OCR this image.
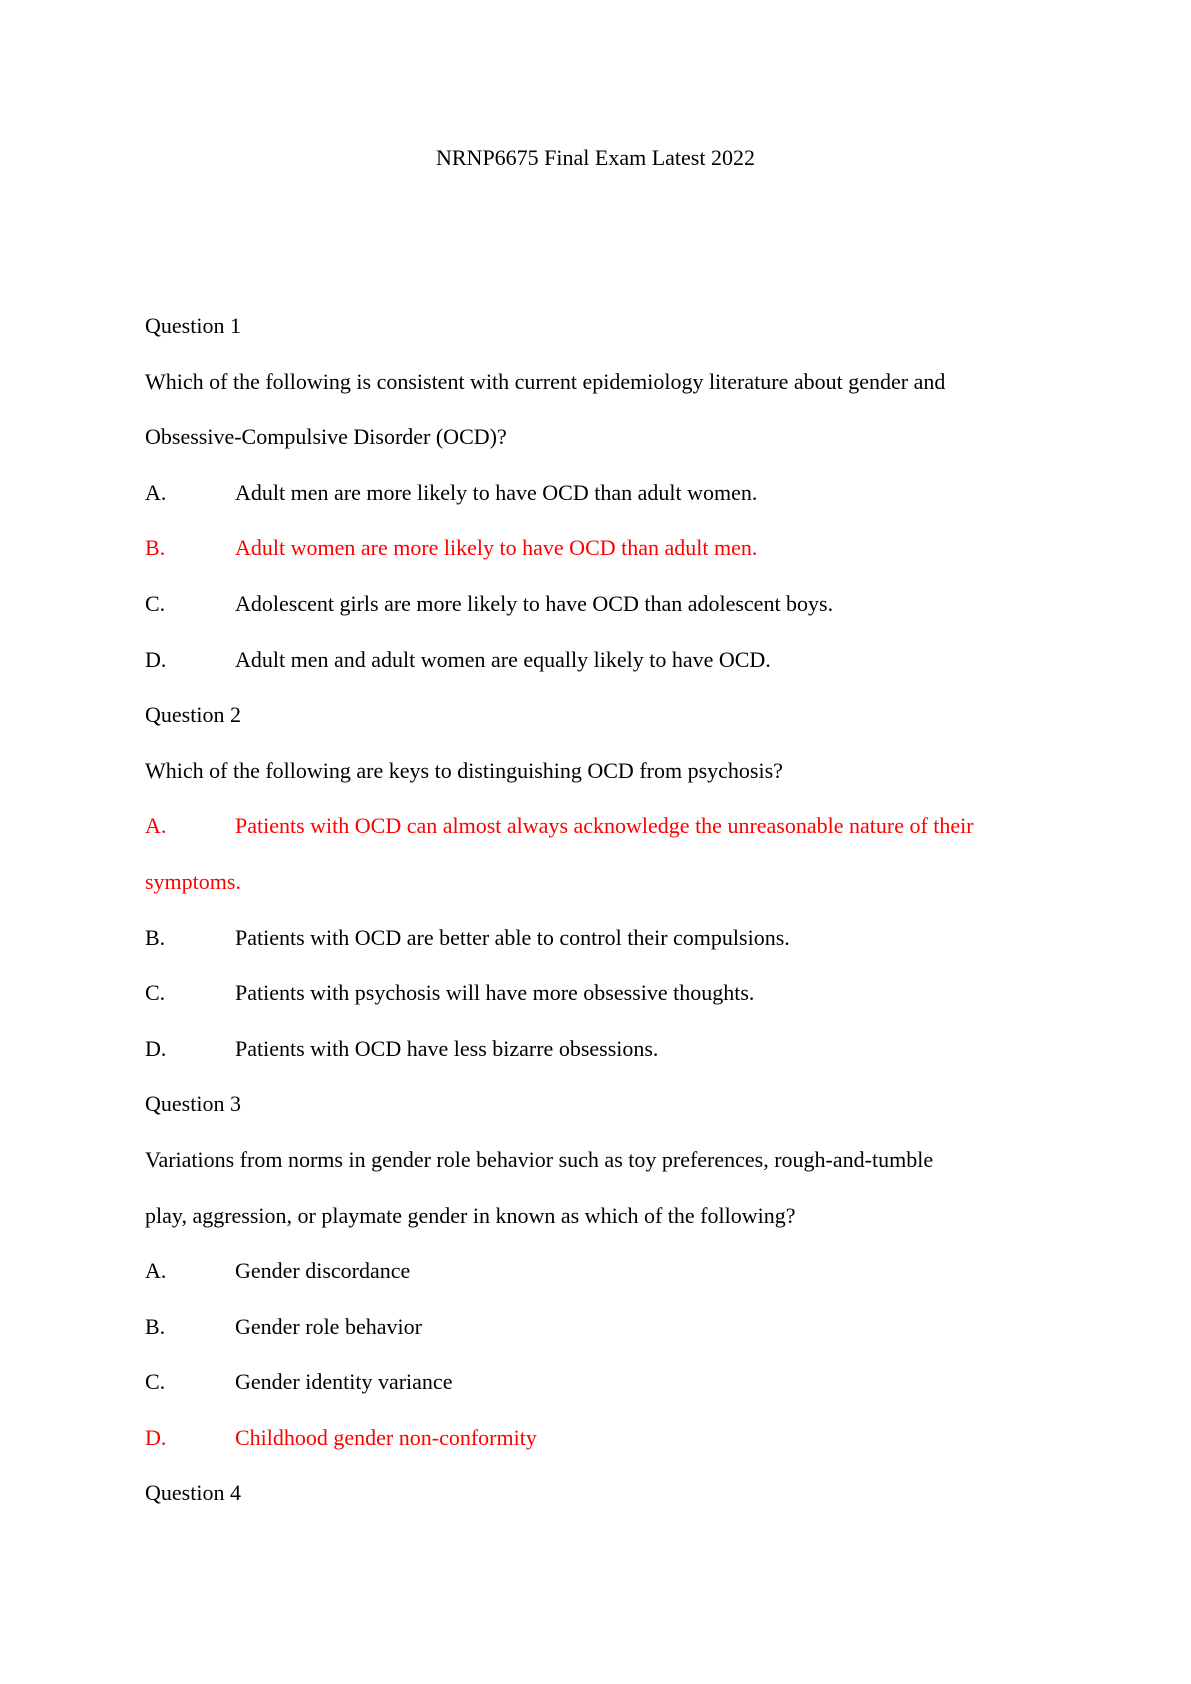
NRNP6675 Final Exam Latest 2022
Question 1
Which of the following is consistent with current epidemiology literature about gender and
Obsessive-Compulsive Disorder (OCD)?
A.	Adult men are more likely to have OCD than adult women.
B.	Adult women are more likely to have OCD than adult men.
C.	Adolescent girls are more likely to have OCD than adolescent boys.
D.	Adult men and adult women are equally likely to have OCD.
Question 2
Which of the following are keys to distinguishing OCD from psychosis?
A.	Patients with OCD can almost always acknowledge the unreasonable nature of their
symptoms.
B.	Patients with OCD are better able to control their compulsions.
C.	Patients with psychosis will have more obsessive thoughts.
D.	Patients with OCD have less bizarre obsessions.
Question 3
Variations from norms in gender role behavior such as toy preferences, rough-and-tumble
play, aggression, or playmate gender in known as which of the following?
A.	Gender discordance
B.	Gender role behavior
C.	Gender identity variance
D.	Childhood gender non-conformity
Question 4
